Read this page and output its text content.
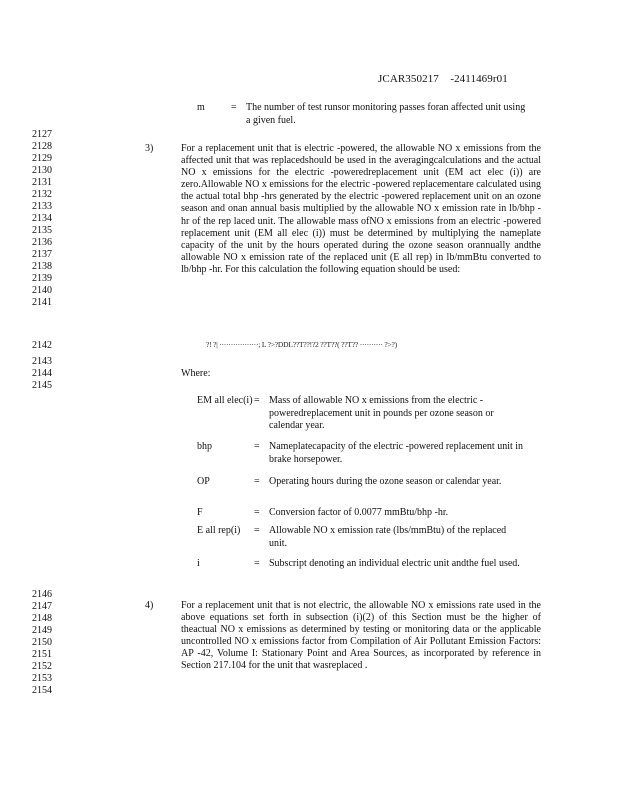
JCAR350217 -2411469r01
m	= The number of test runsor monitoring passes foran affected unit using a given fuel.
2127
2128
2129
2130
2131
2132
2133
2134
2135
2136
2137
2138
2139
2140
2141
2142
2143
2144
2145
2146
2147
2148
2149
2150
2151
2152
2153
2154
3)	For a replacement unit that is electric -powered, the allowable NO x emissions from the affected unit that was replacedshould be used in the averagingcalculations and the actual NO x emissions for the electric -poweredreplacement unit (EM act elec (i)) are zero.Allowable NO x emissions for the electric -powered replacementare calculated using the actual total bhp -hrs generated by the electric -powered replacement unit on an ozone season and onan annual basis multiplied by the allowable NO x emission rate in lb/bhp -hr of the rep laced unit. The allowable mass ofNO x emissions from an electric -powered replacement unit (EM all elec (i)) must be determined by multiplying the nameplate capacity of the unit by the hours operated during the ozone season orannually andthe allowable NO x emission rate of the replaced unit (E all rep) in lb/mmBtu converted to lb/bhp -hr. For this calculation the following equation should be used:
?! ?| ·················; L ?>?DDL??T??!?2 ??T??( ??T?? ·········· ?>?)
Where:
EM all elec(i) = Mass of allowable NO x emissions from the electric -poweredreplacement unit in pounds per ozone season or calendar year.
bhp	= Nameplatecapacity of the electric -powered replacement unit in brake horsepower.
OP	= Operating hours during the ozone season or calendar year.
F	= Conversion factor of 0.0077 mmBtu/bhp -hr.
E all rep(i) = Allowable NO x emission rate (lbs/mmBtu) of the replaced unit.
i	= Subscript denoting an individual electric unit andthe fuel used.
4)	For a replacement unit that is not electric, the allowable NO x emissions rate used in the above equations set forth in subsection (i)(2) of this Section must be the higher of theactual NO x emissions as determined by testing or monitoring data or the applicable uncontrolled NO x emissions factor from Compilation of Air Pollutant Emission Factors: AP -42, Volume I: Stationary Point and Area Sources, as incorporated by reference in Section 217.104 for the unit that wasreplaced .
